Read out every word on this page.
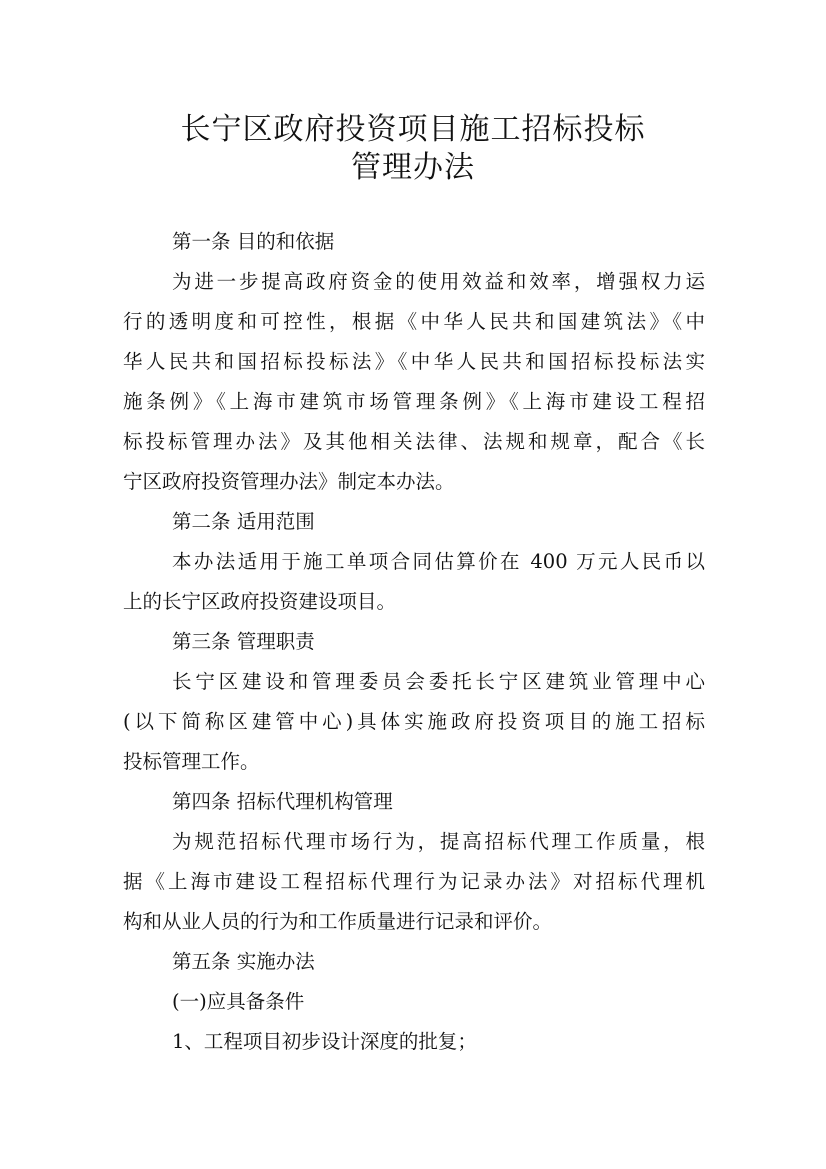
长宁区政府投资项目施工招标投标
管理办法
第一条 目的和依据
为进一步提高政府资金的使用效益和效率，增强权力运
行的透明度和可控性，根据《中华人民共和国建筑法》《中
华人民共和国招标投标法》《中华人民共和国招标投标法实
施条例》《上海市建筑市场管理条例》《上海市建设工程招
标投标管理办法》及其他相关法律、法规和规章，配合《长
宁区政府投资管理办法》制定本办法。
第二条 适用范围
本办法适用于施工单项合同估算价在 400 万元人民币以
上的长宁区政府投资建设项目。
第三条 管理职责
长宁区建设和管理委员会委托长宁区建筑业管理中心
(以下简称区建管中心)具体实施政府投资项目的施工招标
投标管理工作。
第四条 招标代理机构管理
为规范招标代理市场行为，提高招标代理工作质量，根
据《上海市建设工程招标代理行为记录办法》对招标代理机
构和从业人员的行为和工作质量进行记录和评价。
第五条 实施办法
(一)应具备条件
1、工程项目初步设计深度的批复；
